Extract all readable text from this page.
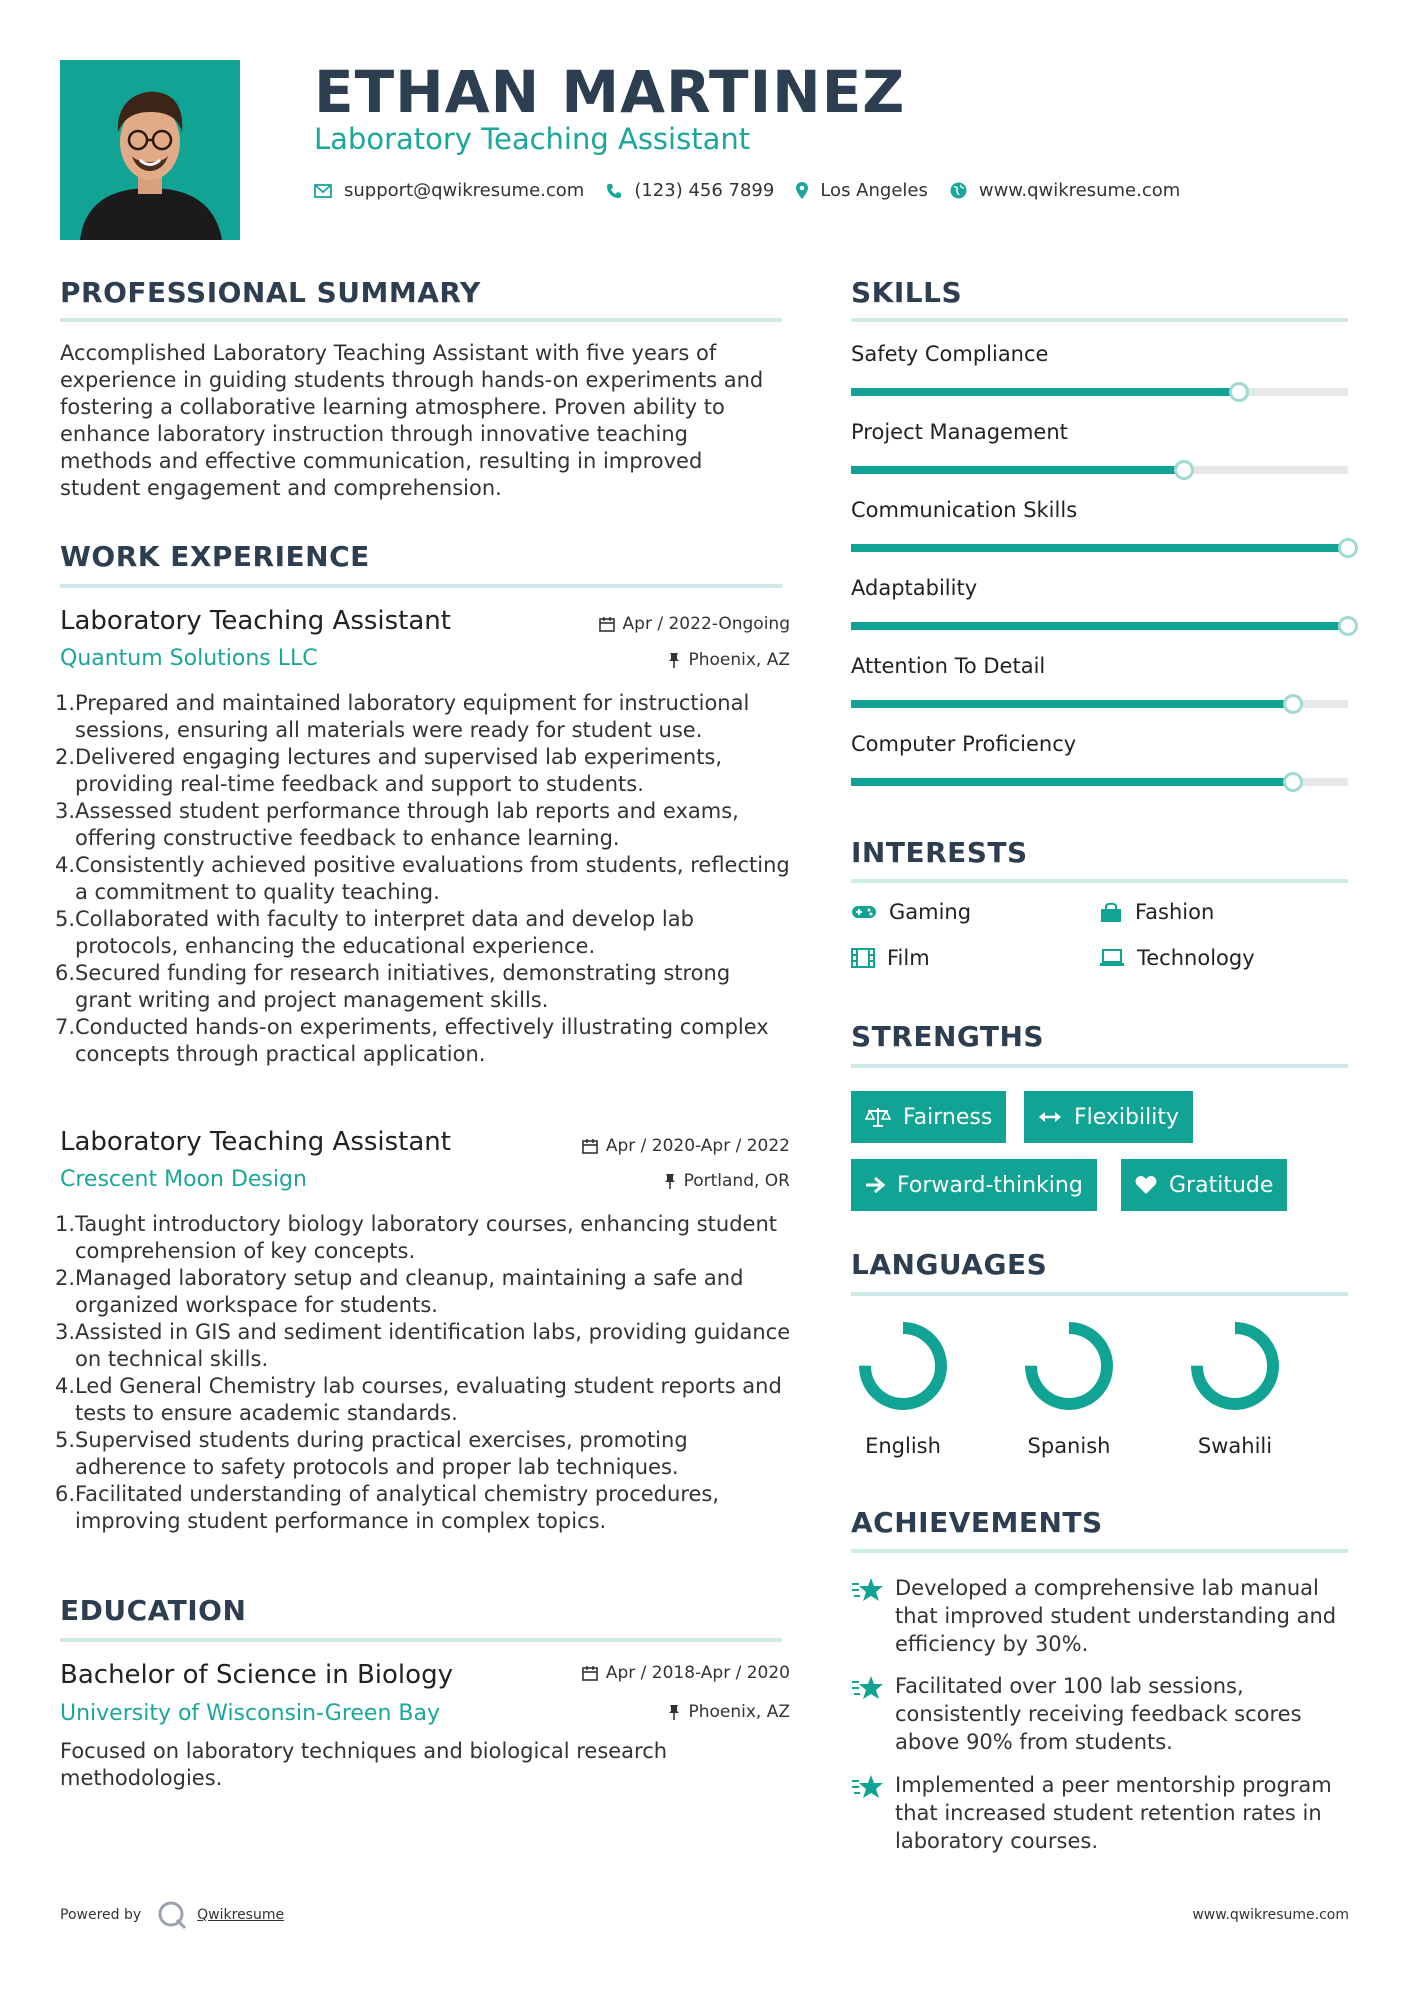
ETHAN MARTINEZ
Laboratory Teaching Assistant
support@qwikresume.com	(123) 456 7899	Los Angeles	www.qwikresume.com
PROFESSIONAL SUMMARY
Accomplished Laboratory Teaching Assistant with five years of experience in guiding students through hands-on experiments and fostering a collaborative learning atmosphere. Proven ability to enhance laboratory instruction through innovative teaching methods and effective communication, resulting in improved student engagement and comprehension.
WORK EXPERIENCE
Laboratory Teaching Assistant	Apr / 2022-Ongoing
Quantum Solutions LLC	Phoenix, AZ
1. Prepared and maintained laboratory equipment for instructional sessions, ensuring all materials were ready for student use.
2. Delivered engaging lectures and supervised lab experiments, providing real-time feedback and support to students.
3. Assessed student performance through lab reports and exams, offering constructive feedback to enhance learning.
4. Consistently achieved positive evaluations from students, reflecting a commitment to quality teaching.
5. Collaborated with faculty to interpret data and develop lab protocols, enhancing the educational experience.
6. Secured funding for research initiatives, demonstrating strong grant writing and project management skills.
7. Conducted hands-on experiments, effectively illustrating complex concepts through practical application.
Laboratory Teaching Assistant	Apr / 2020-Apr / 2022
Crescent Moon Design	Portland, OR
1. Taught introductory biology laboratory courses, enhancing student comprehension of key concepts.
2. Managed laboratory setup and cleanup, maintaining a safe and organized workspace for students.
3. Assisted in GIS and sediment identification labs, providing guidance on technical skills.
4. Led General Chemistry lab courses, evaluating student reports and tests to ensure academic standards.
5. Supervised students during practical exercises, promoting adherence to safety protocols and proper lab techniques.
6. Facilitated understanding of analytical chemistry procedures, improving student performance in complex topics.
EDUCATION
Bachelor of Science in Biology	Apr / 2018-Apr / 2020
University of Wisconsin-Green Bay	Phoenix, AZ
Focused on laboratory techniques and biological research methodologies.
SKILLS
Safety Compliance
Project Management
Communication Skills
Adaptability
Attention To Detail
Computer Proficiency
INTERESTS
Gaming	Fashion
Film	Technology
STRENGTHS
Fairness	Flexibility
Forward-thinking	Gratitude
LANGUAGES
English	Spanish	Swahili
ACHIEVEMENTS
Developed a comprehensive lab manual that improved student understanding and efficiency by 30%.
Facilitated over 100 lab sessions, consistently receiving feedback scores above 90% from students.
Implemented a peer mentorship program that increased student retention rates in laboratory courses.
Powered by	Qwikresume	www.qwikresume.com
